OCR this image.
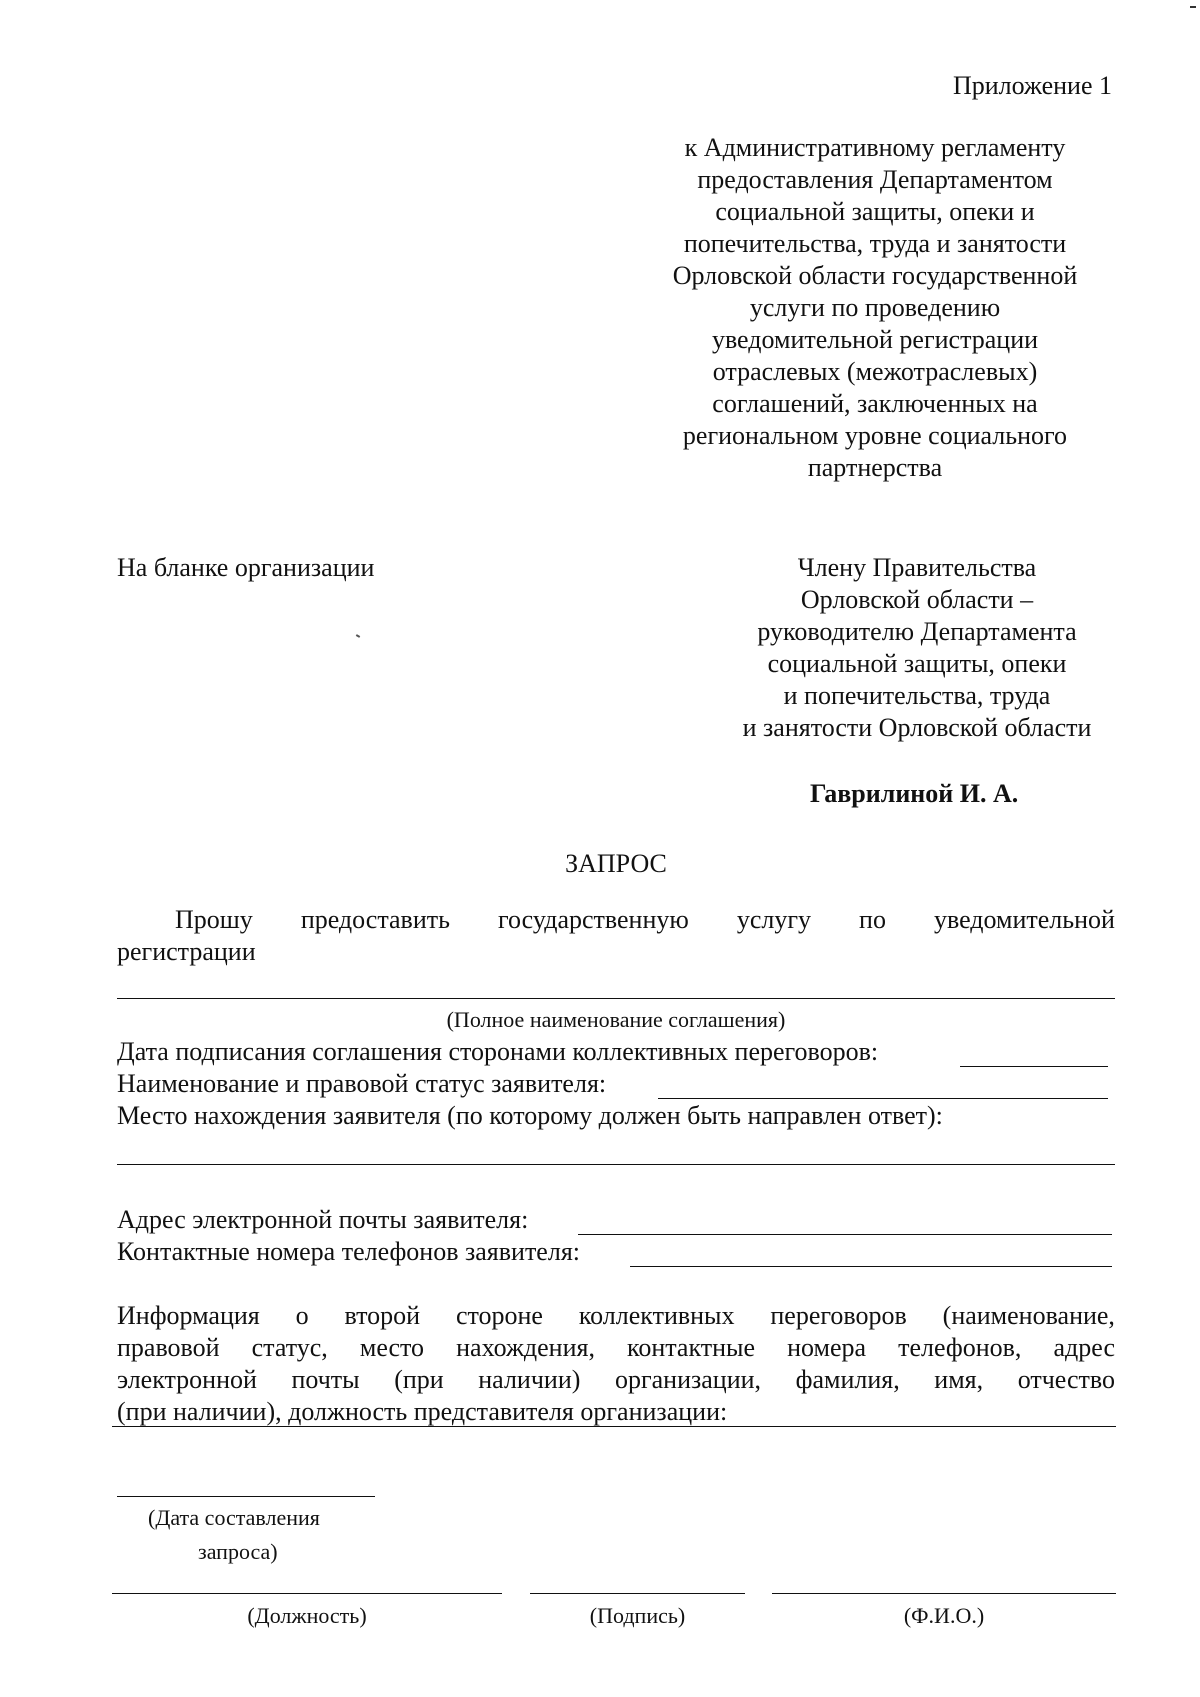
Приложение 1
к Административному регламенту
предоставления Департаментом
социальной защиты, опеки и
попечительства, труда и занятости
Орловской области государственной
услуги по проведению
уведомительной регистрации
отраслевых (межотраслевых)
соглашений, заключенных на
региональном уровне социального
партнерства
На бланке организации	Члену Правительства
Орловской области –
руководителю Департамента
социальной защиты, опеки
и попечительства, труда
и занятости Орловской области
Гаврилиной И. А.
ЗАПРОС
Прошу предоставить государственную услугу по уведомительной
регистрации
(Полное наименование соглашения)
Дата подписания соглашения сторонами коллективных переговоров:
Наименование и правовой статус заявителя:
Место нахождения заявителя (по которому должен быть направлен ответ):
Адрес электронной почты заявителя:
Контактные номера телефонов заявителя:
Информация о второй стороне коллективных переговоров (наименование,
правовой статус, место нахождения, контактные номера телефонов, адрес
электронной почты (при наличии) организации, фамилия, имя, отчество
(при наличии), должность представителя организации:
(Дата составления
запроса)
(Должность)	(Подпись)	(Ф.И.О.)
